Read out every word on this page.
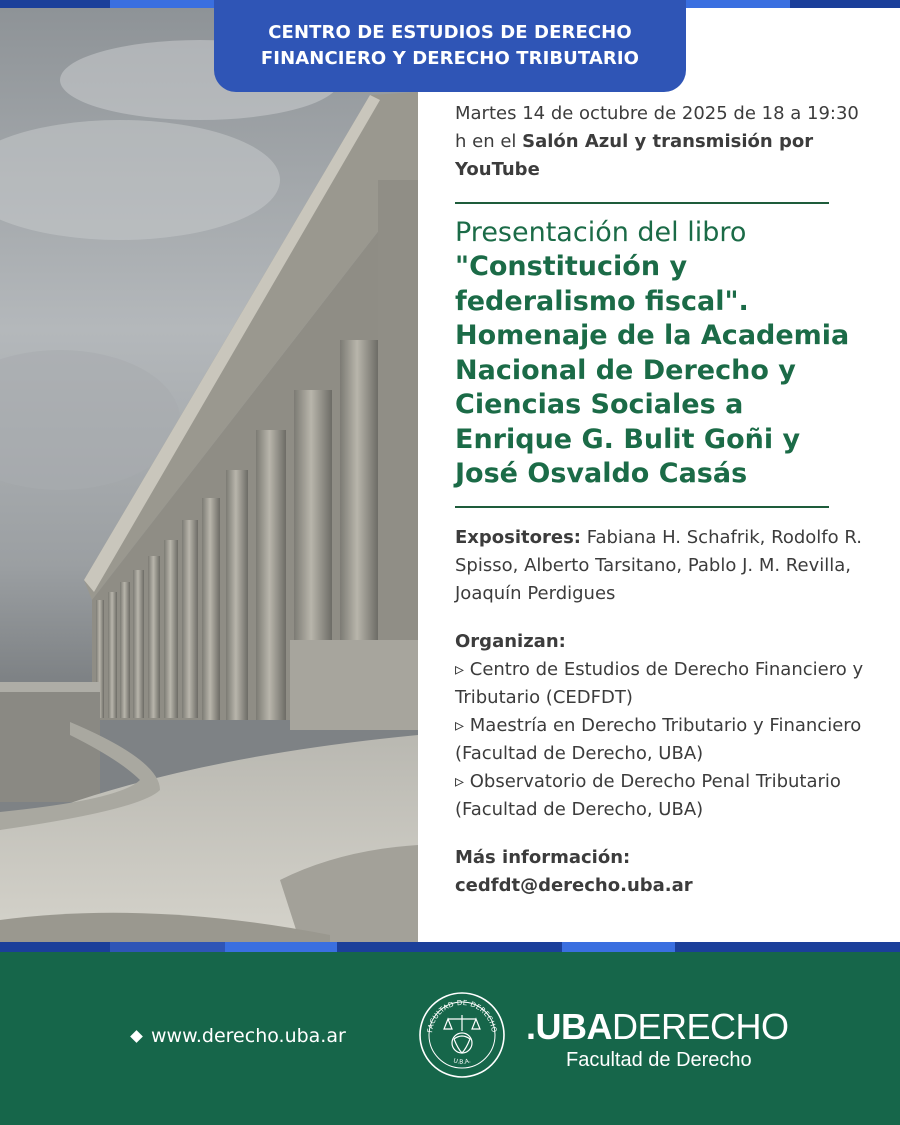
CENTRO DE ESTUDIOS DE DERECHO
FINANCIERO Y DERECHO TRIBUTARIO

Martes 14 de octubre de 2025 de 18 a 19:30 h en el Salón Azul y transmisión por YouTube

Presentación del libro

"Constitución y federalismo fiscal". Homenaje de la Academia Nacional de Derecho y Ciencias Sociales a Enrique G. Bulit Goñi y José Osvaldo Casás

Expositores: Fabiana H. Schafrik, Rodolfo R. Spisso, Alberto Tarsitano, Pablo J. M. Revilla, Joaquín Perdigues

Organizan:
▹ Centro de Estudios de Derecho Financiero y Tributario (CEDFDT)
▹ Maestría en Derecho Tributario y Financiero (Facultad de Derecho, UBA)
▹ Observatorio de Derecho Penal Tributario (Facultad de Derecho, UBA)
Más información:
cedfdt@derecho.uba.ar
www.derecho.uba.ar	FACULTAD DE DERECHO
U.B.A.
.UBADERECHO
Facultad de Derecho
